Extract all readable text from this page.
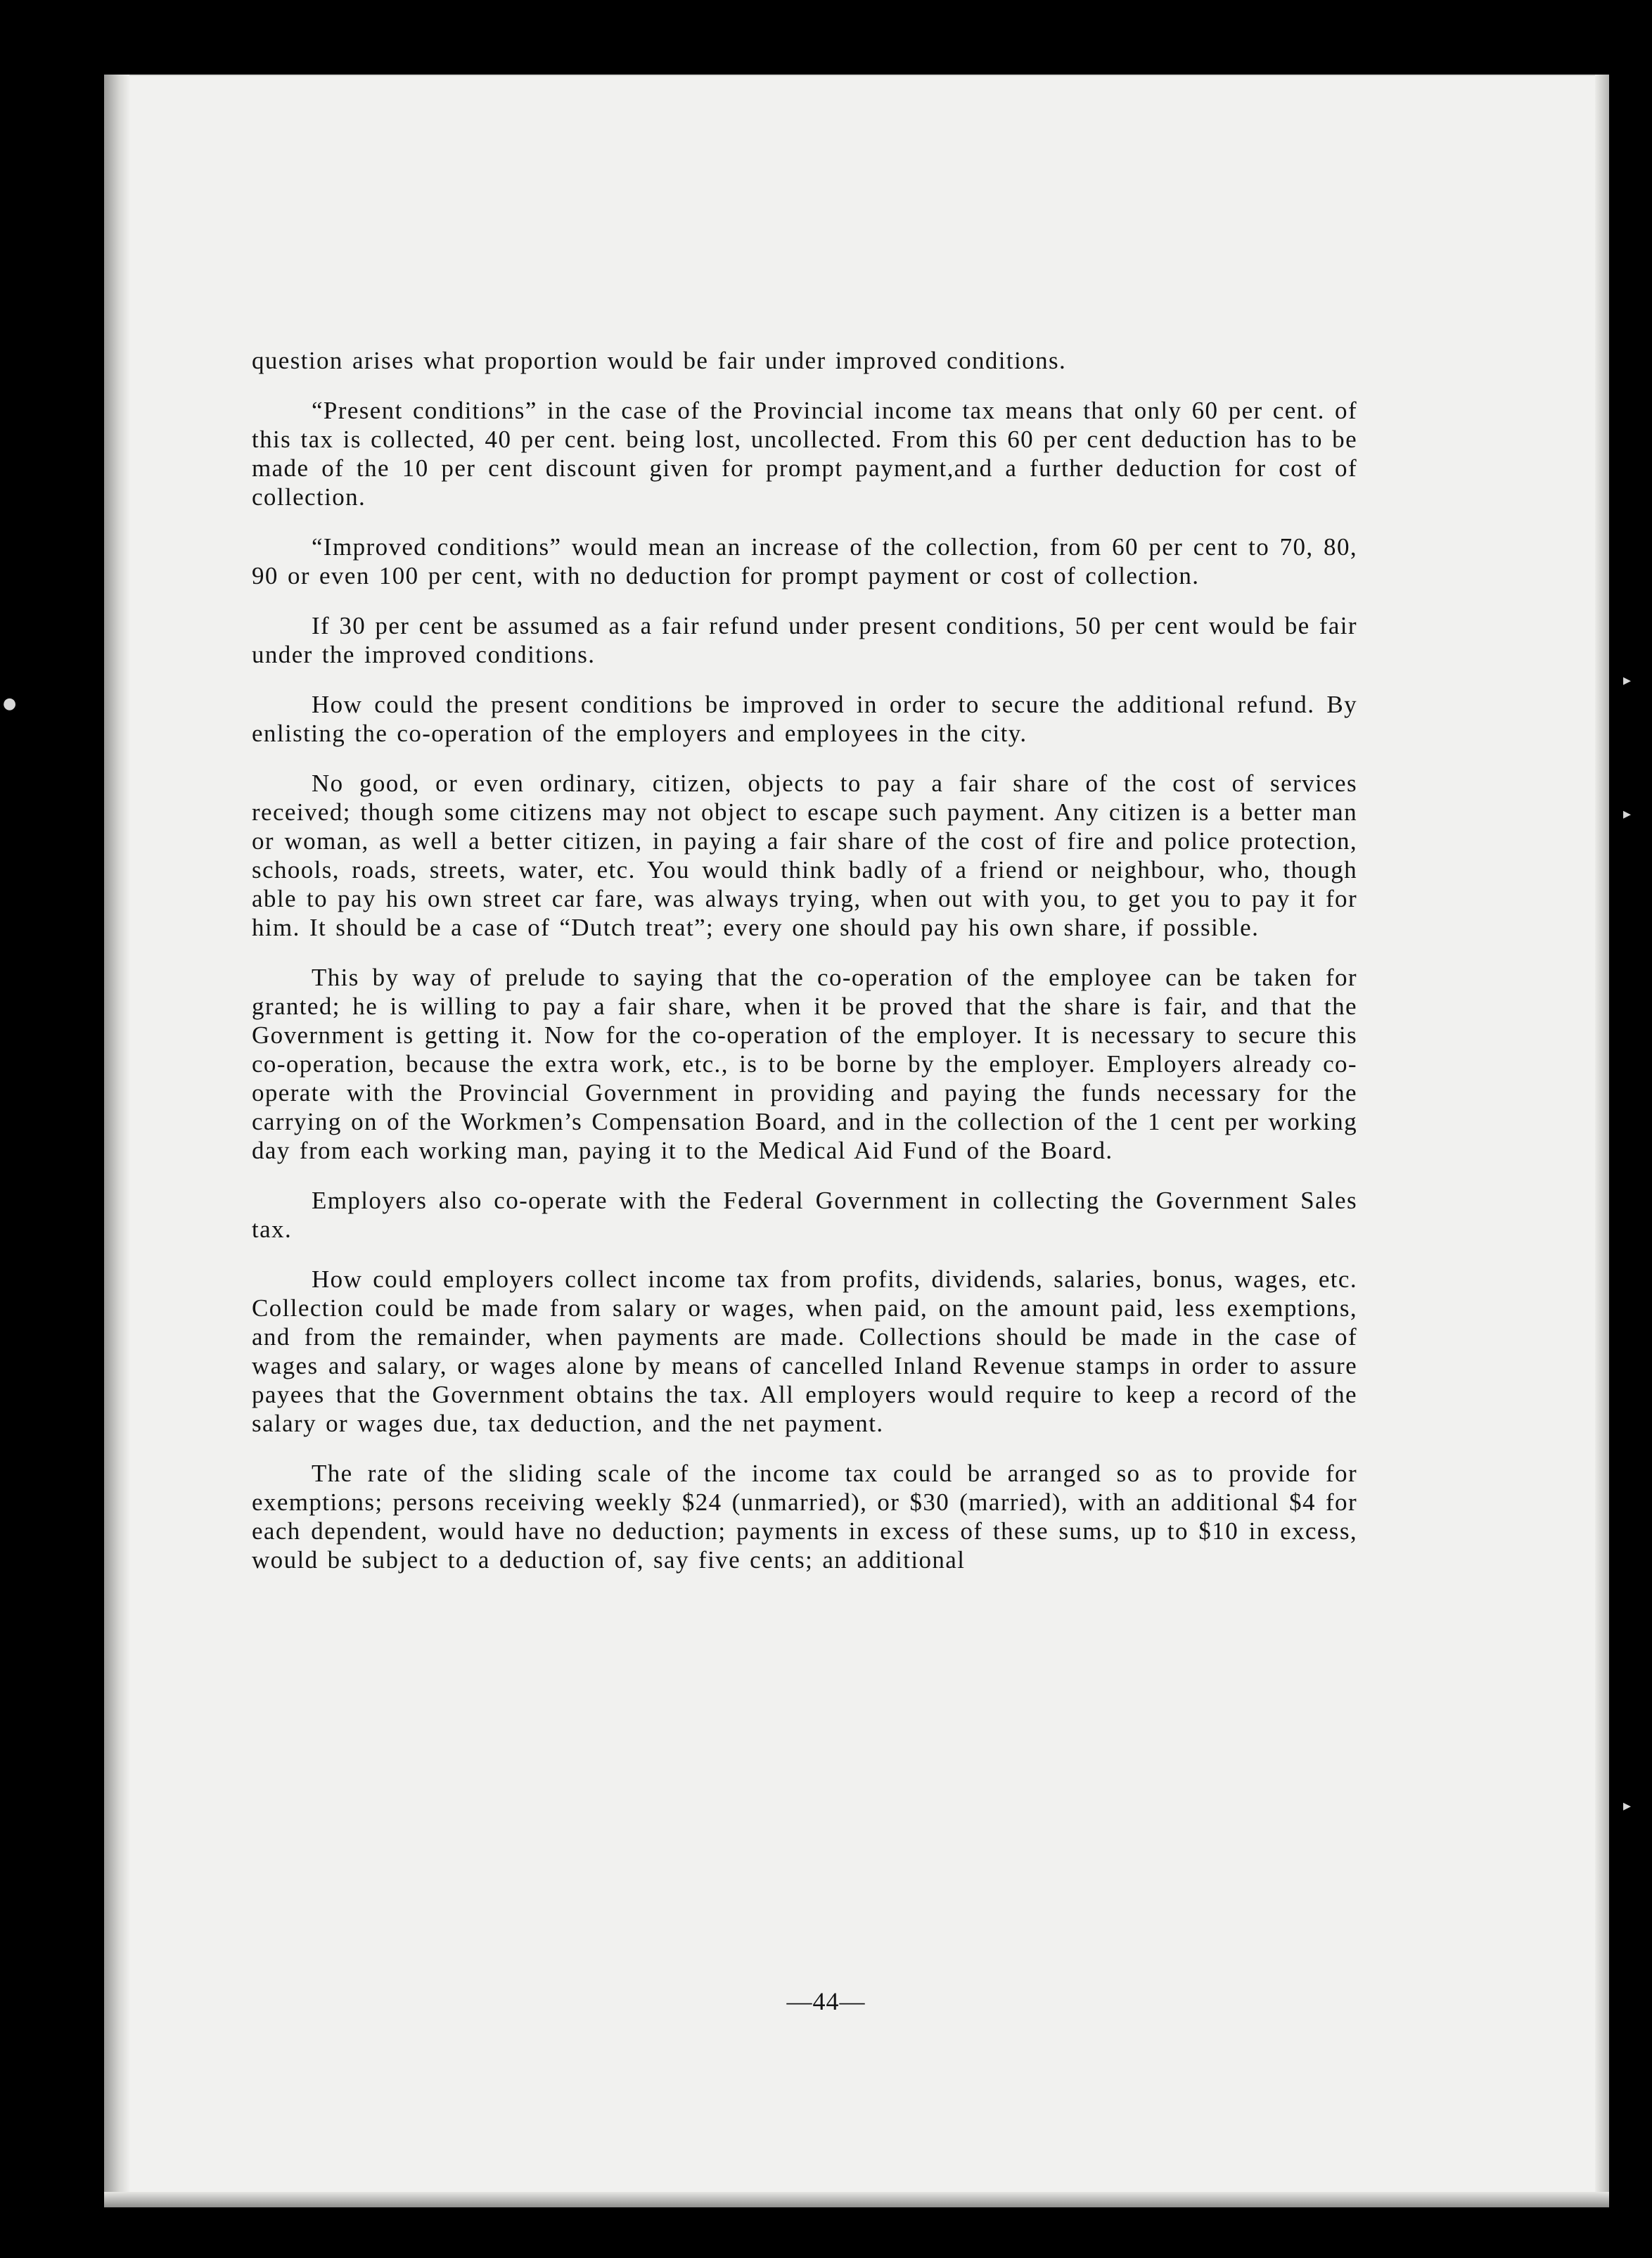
●
▸
▸
▸

question arises what proportion would be fair under improved conditions.

“Present conditions” in the case of the Provincial income tax means that only 60 per cent. of this tax is collected, 40 per cent. being lost, uncollected. From this 60 per cent deduction has to be made of the 10 per cent discount given for prompt payment,and a further deduction for cost of collection.

“Improved conditions” would mean an increase of the collection, from 60 per cent to 70, 80, 90 or even 100 per cent, with no deduction for prompt payment or cost of collection.

If 30 per cent be assumed as a fair refund under present conditions, 50 per cent would be fair under the improved conditions.

How could the present conditions be improved in order to secure the additional refund. By enlisting the co-operation of the employers and employees in the city.

No good, or even ordinary, citizen, objects to pay a fair share of the cost of services received; though some citizens may not object to escape such payment. Any citizen is a better man or woman, as well a better citizen, in paying a fair share of the cost of fire and police protection, schools, roads, streets, water, etc. You would think badly of a friend or neighbour, who, though able to pay his own street car fare, was always trying, when out with you, to get you to pay it for him. It should be a case of “Dutch treat”; every one should pay his own share, if possible.

This by way of prelude to saying that the co-operation of the employee can be taken for granted; he is willing to pay a fair share, when it be proved that the share is fair, and that the Government is getting it. Now for the co-operation of the employer. It is necessary to secure this co-operation, because the extra work, etc., is to be borne by the employer. Employers already co-operate with the Provincial Government in providing and paying the funds necessary for the carrying on of the Workmen’s Compensation Board, and in the collection of the 1 cent per working day from each working man, paying it to the Medical Aid Fund of the Board.

Employers also co-operate with the Federal Government in collecting the Government Sales tax.

How could employers collect income tax from profits, dividends, salaries, bonus, wages, etc. Collection could be made from salary or wages, when paid, on the amount paid, less exemptions, and from the remainder, when payments are made. Collections should be made in the case of wages and salary, or wages alone by means of cancelled Inland Revenue stamps in order to assure payees that the Government obtains the tax. All employers would require to keep a record of the salary or wages due, tax deduction, and the net payment.

The rate of the sliding scale of the income tax could be arranged so as to provide for exemptions; persons receiving weekly $24 (unmarried), or $30 (married), with an additional $4 for each dependent, would have no deduction; payments in excess of these sums, up to $10 in excess, would be subject to a deduction of, say five cents; an additional

—44—
